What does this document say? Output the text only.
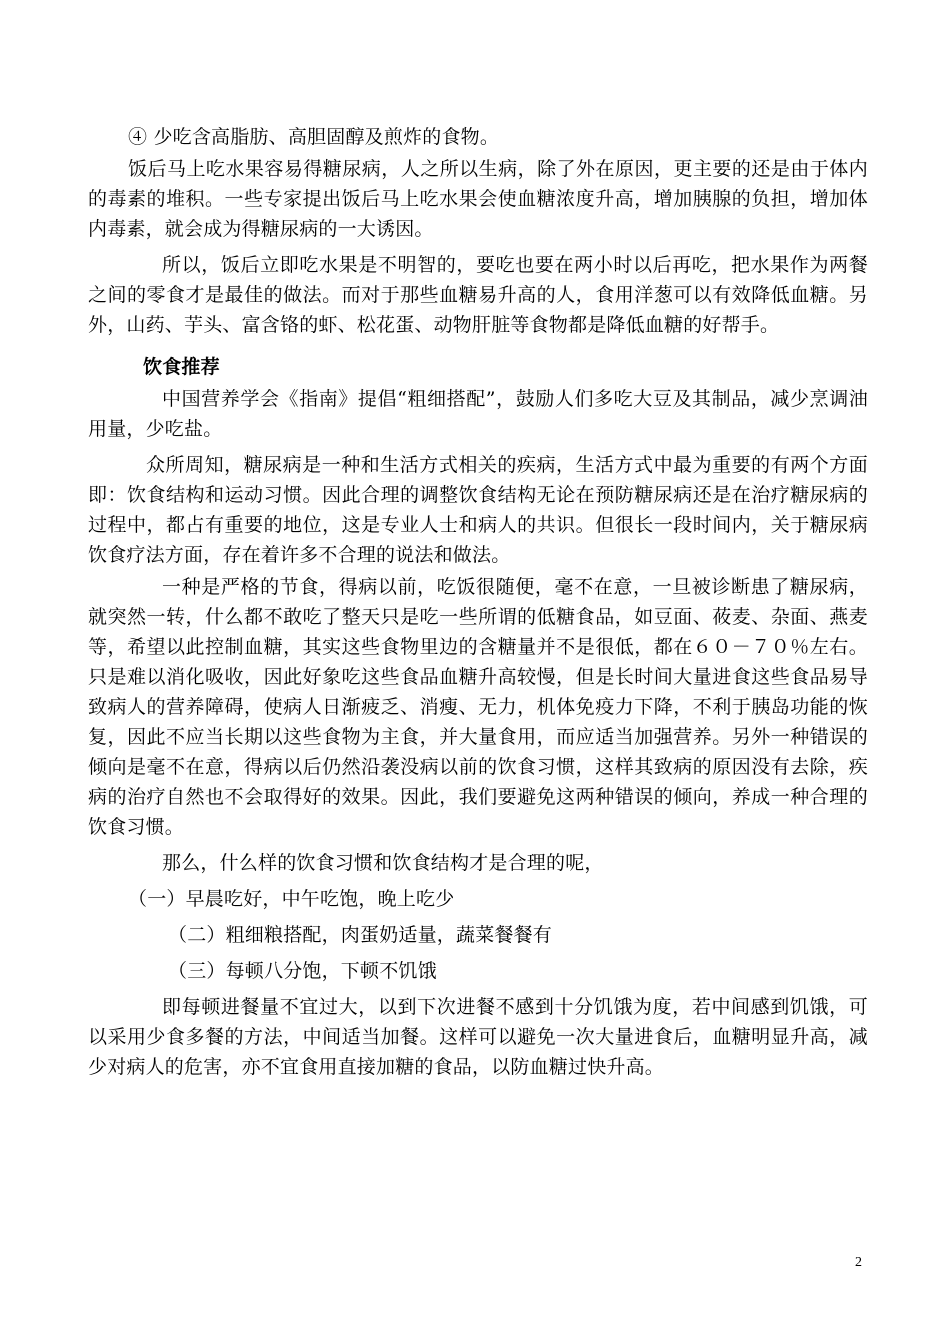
④ 少吃含高脂肪、高胆固醇及煎炸的食物。

饭后马上吃水果容易得糖尿病，人之所以生病，除了外在原因，更主要的还是由于体内的毒素的堆积。一些专家提出饭后马上吃水果会使血糖浓度升高，增加胰腺的负担，增加体内毒素，就会成为得糖尿病的一大诱因。

所以，饭后立即吃水果是不明智的，要吃也要在两小时以后再吃，把水果作为两餐之间的零食才是最佳的做法。而对于那些血糖易升高的人，食用洋葱可以有效降低血糖。另外，山药、芋头、富含铬的虾、松花蛋、动物肝脏等食物都是降低血糖的好帮手。

饮食推荐

中国营养学会《指南》提倡“粗细搭配”，鼓励人们多吃大豆及其制品，减少烹调油用量，少吃盐。

众所周知，糖尿病是一种和生活方式相关的疾病，生活方式中最为重要的有两个方面即：饮食结构和运动习惯。因此合理的调整饮食结构无论在预防糖尿病还是在治疗糖尿病的过程中，都占有重要的地位，这是专业人士和病人的共识。但很长一段时间内，关于糖尿病饮食疗法方面，存在着许多不合理的说法和做法。

一种是严格的节食，得病以前，吃饭很随便，毫不在意，一旦被诊断患了糖尿病，就突然一转，什么都不敢吃了整天只是吃一些所谓的低糖食品，如豆面、莜麦、杂面、燕麦等，希望以此控制血糖，其实这些食物里边的含糖量并不是很低，都在６０－７０％左右。只是难以消化吸收，因此好象吃这些食品血糖升高较慢，但是长时间大量进食这些食品易导致病人的营养障碍，使病人日渐疲乏、消瘦、无力，机体免疫力下降，不利于胰岛功能的恢复，因此不应当长期以这些食物为主食，并大量食用，而应适当加强营养。另外一种错误的倾向是毫不在意，得病以后仍然沿袭没病以前的饮食习惯，这样其致病的原因没有去除，疾病的治疗自然也不会取得好的效果。因此，我们要避免这两种错误的倾向，养成一种合理的饮食习惯。

那么，什么样的饮食习惯和饮食结构才是合理的呢，

（一）早晨吃好，中午吃饱，晚上吃少

（二）粗细粮搭配，肉蛋奶适量，蔬菜餐餐有

（三）每顿八分饱，下顿不饥饿

即每顿进餐量不宜过大，以到下次进餐不感到十分饥饿为度，若中间感到饥饿，可以采用少食多餐的方法，中间适当加餐。这样可以避免一次大量进食后，血糖明显升高，减少对病人的危害，亦不宜食用直接加糖的食品，以防血糖过快升高。

2
